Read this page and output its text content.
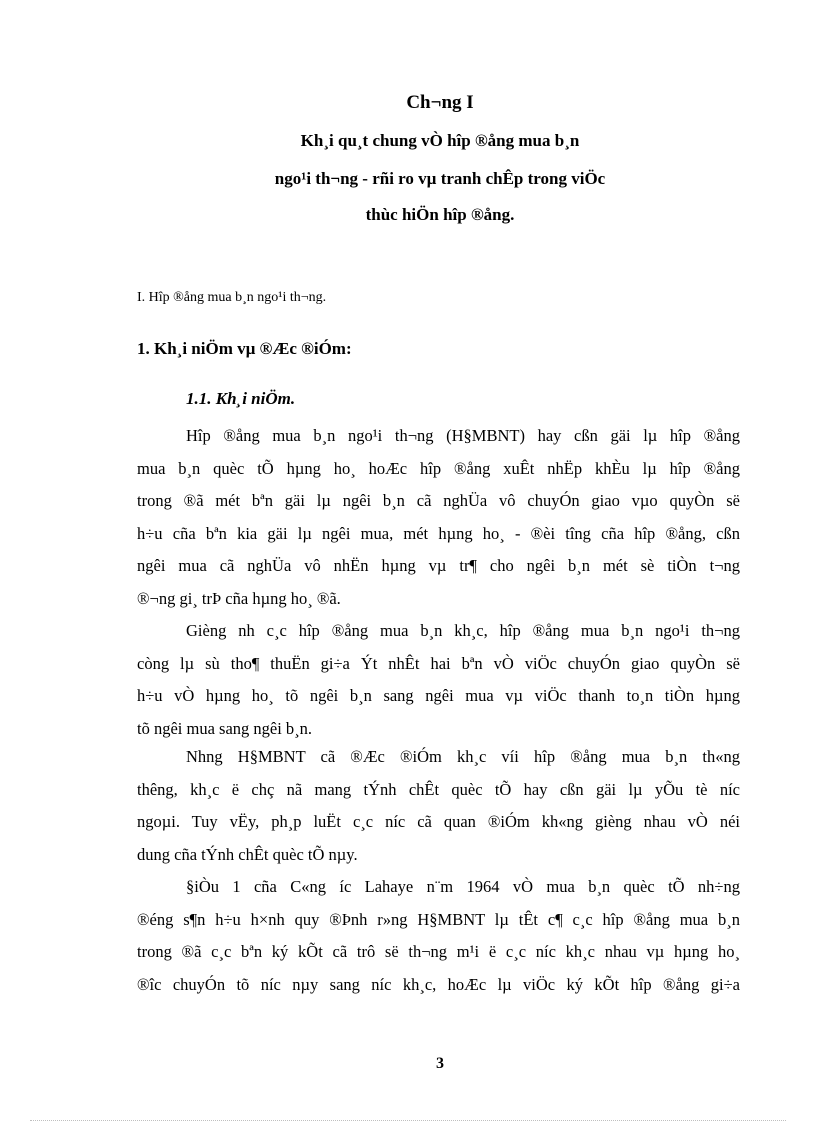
Ch¬ng I
Kh¸i qu¸t chung vÒ hîp ®ång mua b¸n
ngo¹i th¬ng - rñi ro vµ tranh chÊp trong viÖc
thùc hiÖn hîp ®ång.
I. Hîp ®ång mua b¸n ngo¹i th¬ng.
1. Kh¸i niÖm vµ ®Æc ®iÓm:
1.1. Kh¸i niÖm.
Hîp ®ång mua b¸n ngo¹i th¬ng (H§MBNT) hay cßn gäi lµ hîp ®ång
mua b¸n quèc tÕ hµng ho¸ hoÆc hîp ®ång xuÊt nhËp khÈu lµ hîp ®ång
trong ®ã mét bªn gäi lµ ngêi b¸n cã nghÜa vô chuyÓn giao vµo quyÒn së
h÷u cña bªn kia gäi lµ ngêi mua, mét hµng ho¸ - ®èi tîng cña hîp ®ång, cßn
ngêi mua cã nghÜa vô nhËn hµng vµ tr¶ cho ngêi b¸n mét sè tiÒn t¬ng
®¬ng gi¸ trÞ cña hµng ho¸ ®ã.
Gièng nh c¸c hîp ®ång mua b¸n kh¸c, hîp ®ång mua b¸n ngo¹i th¬ng
còng lµ sù tho¶ thuËn gi÷a Ýt nhÊt hai bªn vÒ viÖc chuyÓn giao quyÒn së
h÷u vÒ hµng ho¸ tõ ngêi b¸n sang ngêi mua vµ viÖc thanh to¸n tiÒn hµng
tõ ngêi mua sang ngêi b¸n.
Nhng H§MBNT cã ®Æc ®iÓm kh¸c víi hîp ®ång mua b¸n th«ng
thêng, kh¸c ë chç nã mang tÝnh chÊt quèc tÕ hay cßn gäi lµ yÕu tè níc
ngoµi. Tuy vËy, ph¸p luËt c¸c níc cã quan ®iÓm kh«ng gièng nhau vÒ néi
dung cña tÝnh chÊt quèc tÕ nµy.
§iÒu 1 cña C«ng íc Lahaye n¨m 1964 vÒ mua b¸n quèc tÕ nh÷ng
®éng s¶n h÷u h×nh quy ®Þnh r»ng H§MBNT lµ tÊt c¶ c¸c hîp ®ång mua b¸n
trong ®ã c¸c bªn ký kÕt cã trô së th¬ng m¹i ë c¸c níc kh¸c nhau vµ hµng ho¸
®îc chuyÓn tõ níc nµy sang níc kh¸c, hoÆc lµ viÖc ký kÕt hîp ®ång gi÷a
3
